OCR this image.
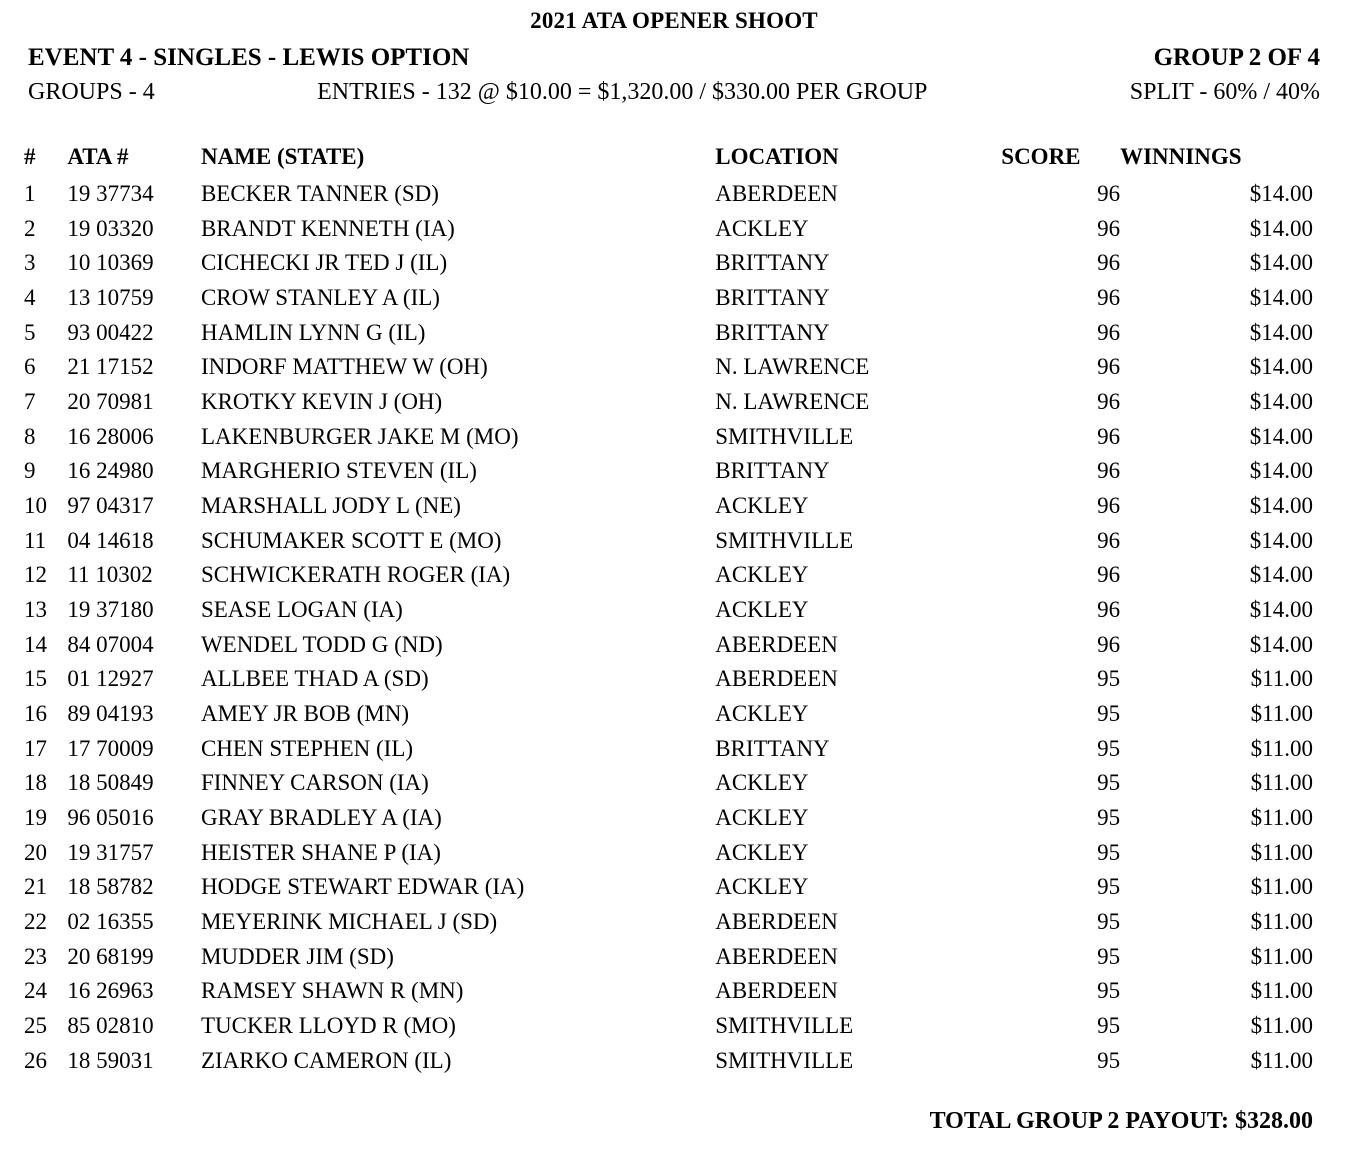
2021 ATA OPENER SHOOT
EVENT 4 - SINGLES - LEWIS OPTION	GROUP 2 OF 4
GROUPS - 4	ENTRIES - 132 @ $10.00 = $1,320.00 / $330.00 PER GROUP	SPLIT - 60% / 40%
#	ATA #	NAME (STATE)	LOCATION	SCORE	WINNINGS
1	19 37734	BECKER TANNER (SD)	ABERDEEN	96	$14.00
2	19 03320	BRANDT KENNETH (IA)	ACKLEY	96	$14.00
3	10 10369	CICHECKI JR TED J (IL)	BRITTANY	96	$14.00
4	13 10759	CROW STANLEY A (IL)	BRITTANY	96	$14.00
5	93 00422	HAMLIN LYNN G (IL)	BRITTANY	96	$14.00
6	21 17152	INDORF MATTHEW W (OH)	N. LAWRENCE	96	$14.00
7	20 70981	KROTKY KEVIN J (OH)	N. LAWRENCE	96	$14.00
8	16 28006	LAKENBURGER JAKE M (MO)	SMITHVILLE	96	$14.00
9	16 24980	MARGHERIO STEVEN (IL)	BRITTANY	96	$14.00
10	97 04317	MARSHALL JODY L (NE)	ACKLEY	96	$14.00
11	04 14618	SCHUMAKER SCOTT E (MO)	SMITHVILLE	96	$14.00
12	11 10302	SCHWICKERATH ROGER (IA)	ACKLEY	96	$14.00
13	19 37180	SEASE LOGAN (IA)	ACKLEY	96	$14.00
14	84 07004	WENDEL TODD G (ND)	ABERDEEN	96	$14.00
15	01 12927	ALLBEE THAD A (SD)	ABERDEEN	95	$11.00
16	89 04193	AMEY JR BOB (MN)	ACKLEY	95	$11.00
17	17 70009	CHEN STEPHEN (IL)	BRITTANY	95	$11.00
18	18 50849	FINNEY CARSON (IA)	ACKLEY	95	$11.00
19	96 05016	GRAY BRADLEY A (IA)	ACKLEY	95	$11.00
20	19 31757	HEISTER SHANE P (IA)	ACKLEY	95	$11.00
21	18 58782	HODGE STEWART EDWAR (IA)	ACKLEY	95	$11.00
22	02 16355	MEYERINK MICHAEL J (SD)	ABERDEEN	95	$11.00
23	20 68199	MUDDER JIM (SD)	ABERDEEN	95	$11.00
24	16 26963	RAMSEY SHAWN R (MN)	ABERDEEN	95	$11.00
25	85 02810	TUCKER LLOYD R (MO)	SMITHVILLE	95	$11.00
26	18 59031	ZIARKO CAMERON (IL)	SMITHVILLE	95	$11.00
TOTAL GROUP 2 PAYOUT: $328.00
